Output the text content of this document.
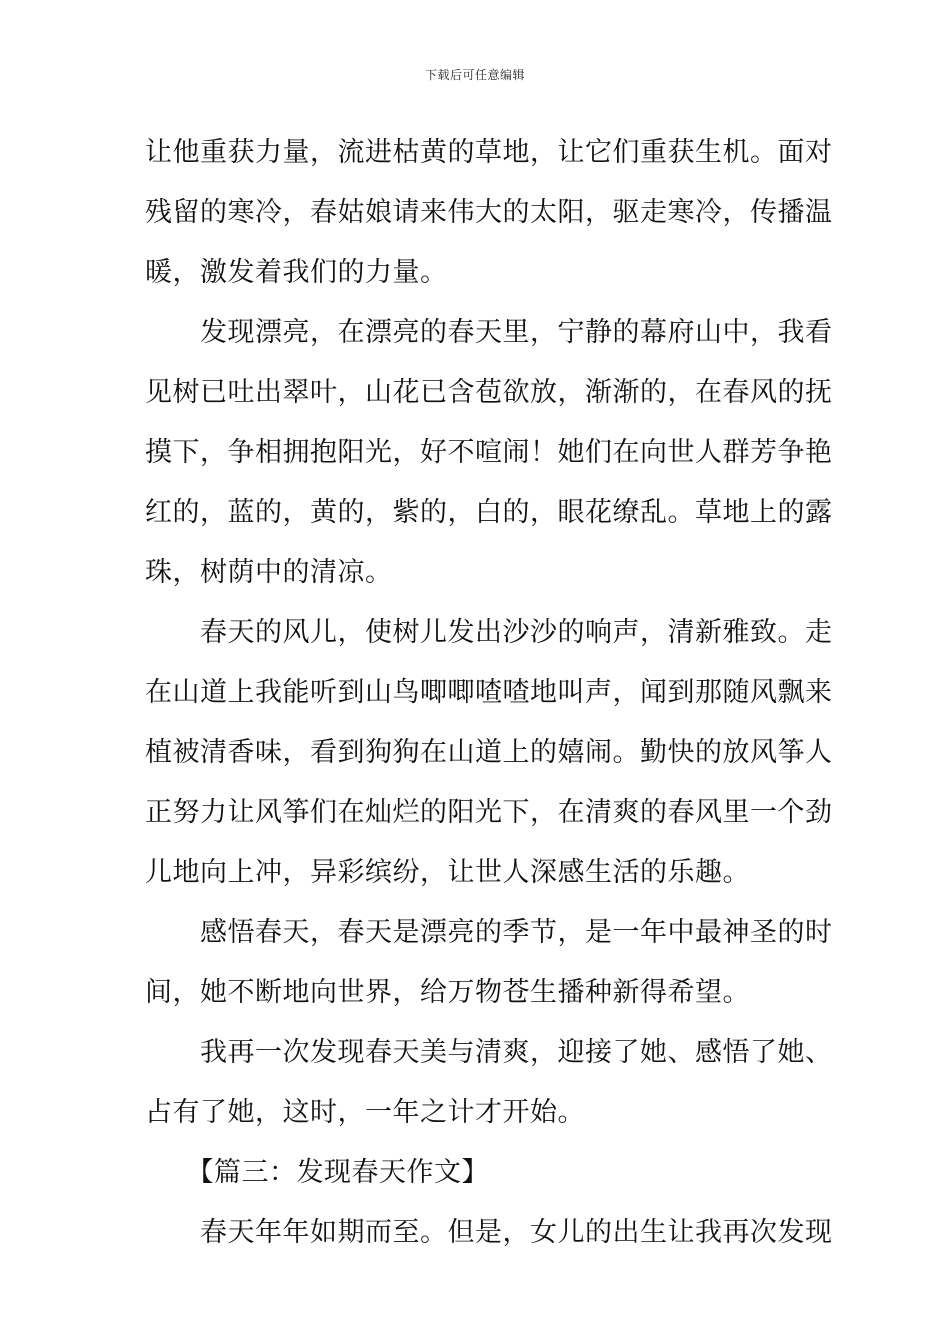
下载后可任意编辑
让他重获力量，流进枯黄的草地，让它们重获生机。面对
残留的寒冷，春姑娘请来伟大的太阳，驱走寒冷，传播温
暖，激发着我们的力量。
　　发现漂亮，在漂亮的春天里，宁静的幕府山中，我看
见树已吐出翠叶，山花已含苞欲放，渐渐的，在春风的抚
摸下，争相拥抱阳光，好不喧闹！她们在向世人群芳争艳
红的，蓝的，黄的，紫的，白的，眼花缭乱。草地上的露
珠，树荫中的清凉。
　　春天的风儿，使树儿发出沙沙的响声，清新雅致。走
在山道上我能听到山鸟唧唧喳喳地叫声，闻到那随风飘来
植被清香味，看到狗狗在山道上的嬉闹。勤快的放风筝人
正努力让风筝们在灿烂的阳光下，在清爽的春风里一个劲
儿地向上冲，异彩缤纷，让世人深感生活的乐趣。
　　感悟春天，春天是漂亮的季节，是一年中最神圣的时
间，她不断地向世界，给万物苍生播种新得希望。
　　我再一次发现春天美与清爽，迎接了她、感悟了她、
占有了她，这时，一年之计才开始。
　　【篇三：发现春天作文】
　　春天年年如期而至。但是，女儿的出生让我再次发现
